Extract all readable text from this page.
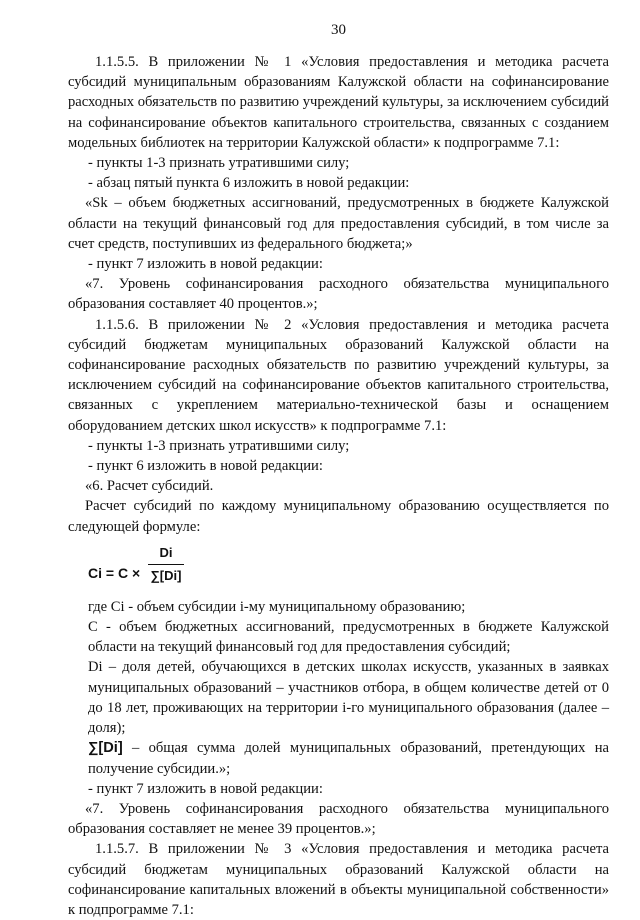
30

1.1.5.5. В приложении № 1 «Условия предоставления и методика расчета субсидий муниципальным образованиям Калужской области на софинансирование расходных обязательств по развитию учреждений культуры, за исключением субсидий на софинансирование объектов капитального строительства, связанных с созданием модельных библиотек на территории Калужской области» к подпрограмме 7.1:

- пункты 1-3 признать утратившими силу;

- абзац пятый пункта 6 изложить в новой редакции:

«Sk – объем бюджетных ассигнований, предусмотренных в бюджете Калужской области на текущий финансовый год для предоставления субсидий, в том числе за счет средств, поступивших из федерального бюджета;»

- пункт 7 изложить в новой редакции:

«7. Уровень софинансирования расходного обязательства муниципального образования составляет 40 процентов.»;

1.1.5.6. В приложении № 2 «Условия предоставления и методика расчета субсидий бюджетам муниципальных образований Калужской области на софинансирование расходных обязательств по развитию учреждений культуры, за исключением субсидий на софинансирование объектов капитального строительства, связанных с укреплением материально-технической базы и оснащением оборудованием детских школ искусств» к подпрограмме 7.1:

- пункты 1-3 признать утратившими силу;

- пункт 6 изложить в новой редакции:

«6. Расчет субсидий.

Расчет субсидий по каждому муниципальному образованию осуществляется по следующей формуле:

Ci = C ×
Di
∑[Di]

где Ci - объем субсидии i-му муниципальному образованию;

C - объем бюджетных ассигнований, предусмотренных в бюджете Калужской области на текущий финансовый год для предоставления субсидий;

Di – доля детей, обучающихся в детских школах искусств, указанных в заявках муниципальных образований – участников отбора, в общем количестве детей от 0 до 18 лет, проживающих на территории i-го муниципального образования (далее – доля);

∑[Di] – общая сумма долей муниципальных образований, претендующих на получение субсидии.»;

- пункт 7 изложить в новой редакции:

«7. Уровень софинансирования расходного обязательства муниципального образования составляет не менее 39 процентов.»;

1.1.5.7. В приложении № 3 «Условия предоставления и методика расчета субсидий бюджетам муниципальных образований Калужской области на софинансирование капитальных вложений в объекты муниципальной собственности» к подпрограмме 7.1:
